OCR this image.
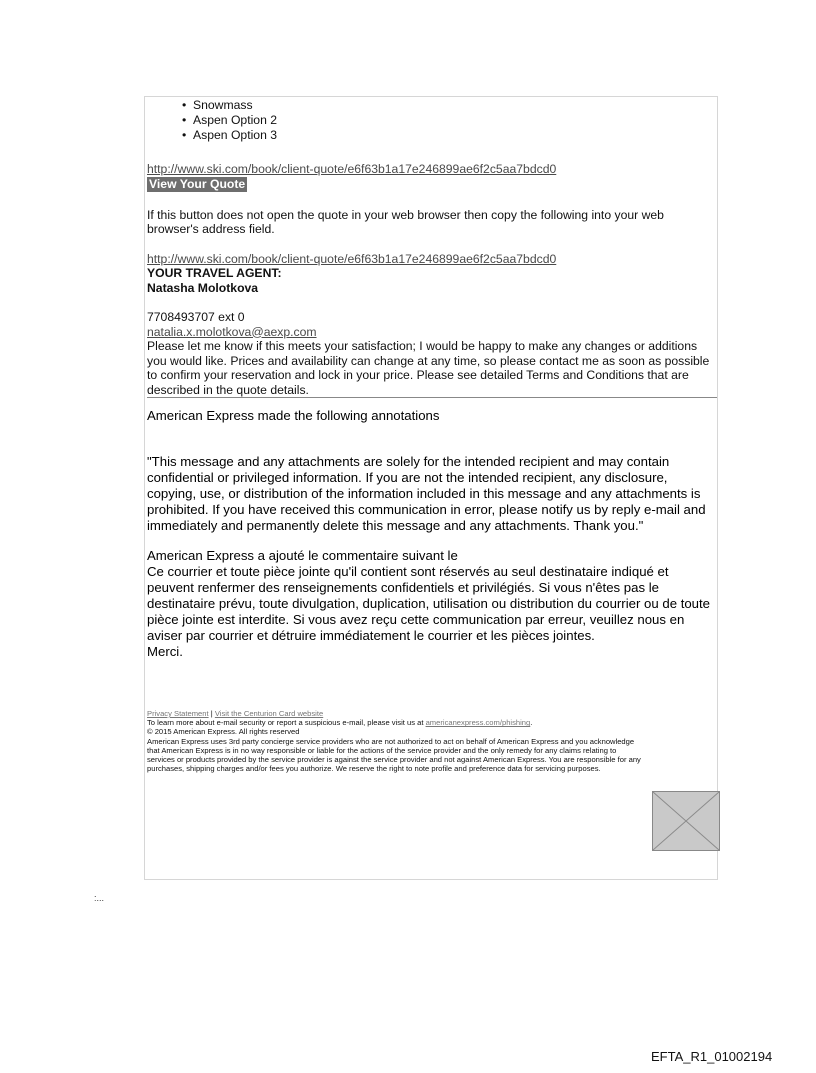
• Snowmass
• Aspen Option 2
• Aspen Option 3
http://www.ski.com/book/client-quote/e6f63b1a17e246899ae6f2c5aa7bdcd0
View Your Quote
If this button does not open the quote in your web browser then copy the following into your web browser's address field.
http://www.ski.com/book/client-quote/e6f63b1a17e246899ae6f2c5aa7bdcd0
YOUR TRAVEL AGENT:
Natasha Molotkova
7708493707 ext 0
natalia.x.molotkova@aexp.com
Please let me know if this meets your satisfaction; I would be happy to make any changes or additions you would like. Prices and availability can change at any time, so please contact me as soon as possible to confirm your reservation and lock in your price. Please see detailed Terms and Conditions that are described in the quote details.
American Express made the following annotations
"This message and any attachments are solely for the intended recipient and may contain confidential or privileged information. If you are not the intended recipient, any disclosure, copying, use, or distribution of the information included in this message and any attachments is prohibited. If you have received this communication in error, please notify us by reply e-mail and immediately and permanently delete this message and any attachments. Thank you."
American Express a ajouté le commentaire suivant le
Ce courrier et toute pièce jointe qu'il contient sont réservés au seul destinataire indiqué et peuvent renfermer des renseignements confidentiels et privilégiés. Si vous n'êtes pas le destinataire prévu, toute divulgation, duplication, utilisation ou distribution du courrier ou de toute pièce jointe est interdite. Si vous avez reçu cette communication par erreur, veuillez nous en aviser par courrier et détruire immédiatement le courrier et les pièces jointes.
Merci.
Privacy Statement | Visit the Centurion Card website
To learn more about e-mail security or report a suspicious e-mail, please visit us at americanexpress.com/phishing.
© 2015 American Express. All rights reserved
American Express uses 3rd party concierge service providers who are not authorized to act on behalf of American Express and you acknowledge that American Express is in no way responsible or liable for the actions of the service provider and the only remedy for any claims relating to services or products provided by the service provider is against the service provider and not against American Express. You are responsible for any purchases, shipping charges and/or fees you authorize. We reserve the right to note profile and preference data for servicing purposes.
:...
EFTA_R1_01002194
